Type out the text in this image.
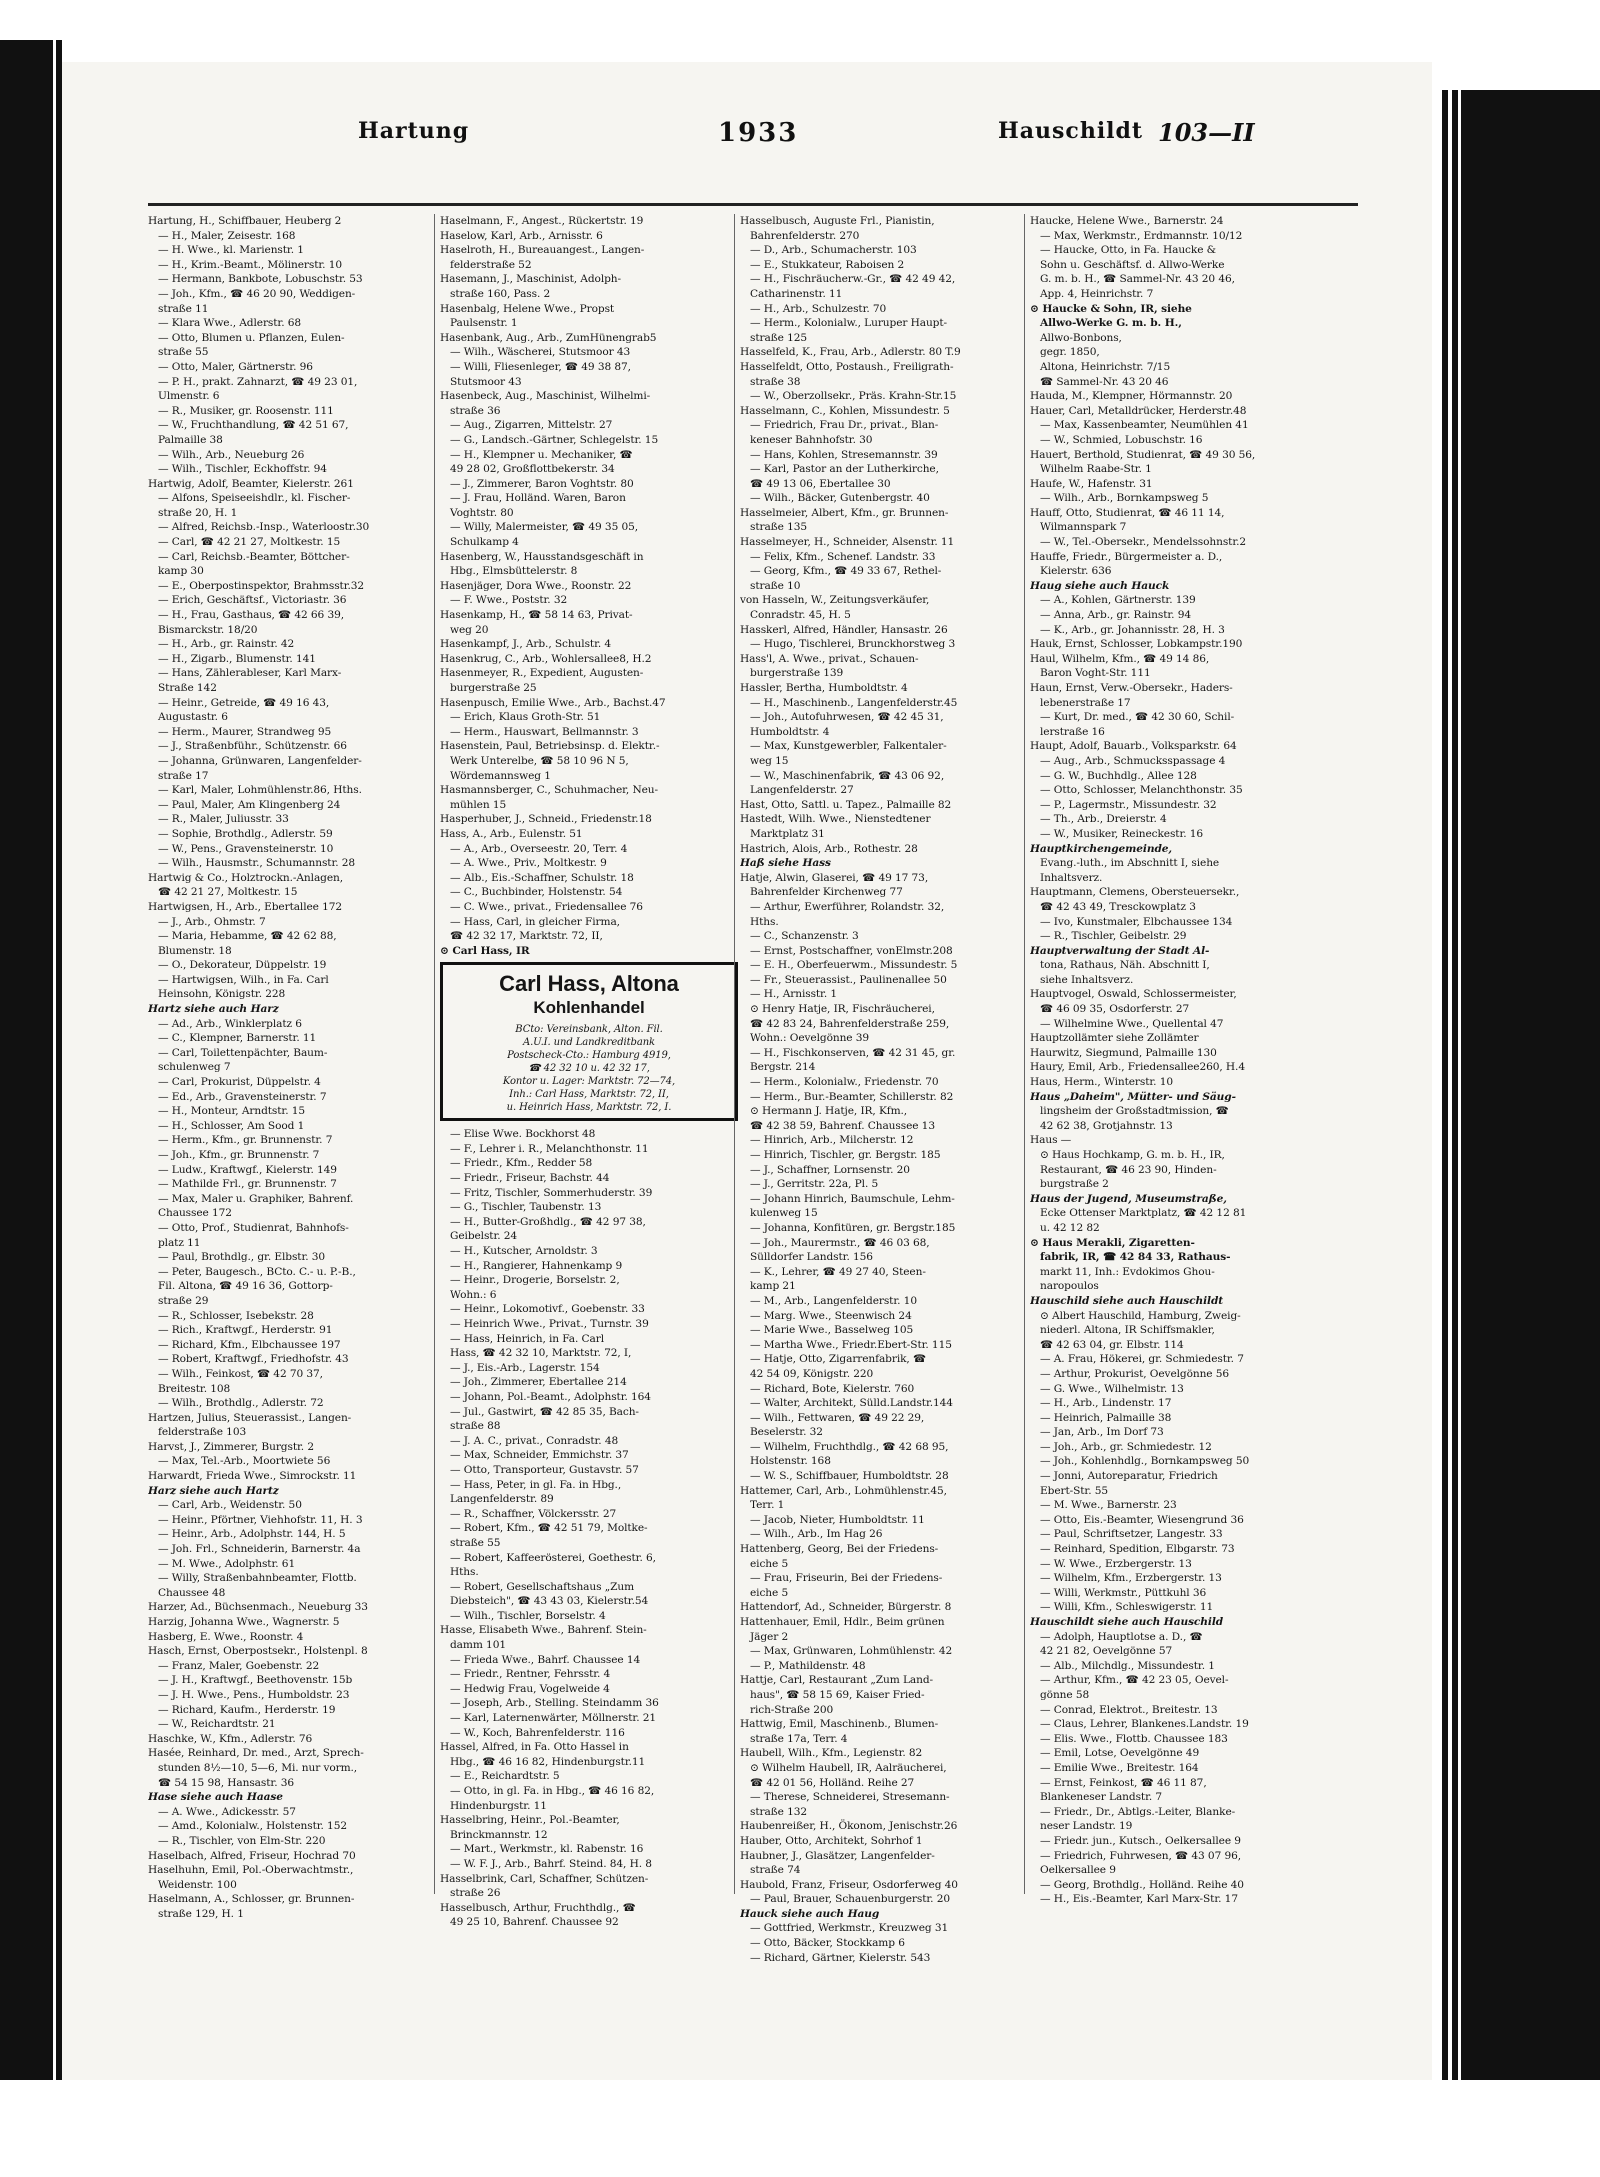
Hartung	1933	Hauschildt 103—II
Hartung, H., Schiffbauer, Heuberg 2
— H., Maler, Zeisestr. 168
— H. Wwe., kl. Marienstr. 1
— H., Krim.-Beamt., Mölinerstr. 10
— Hermann, Bankbote, Lobuschstr. 53
— Joh., Kfm., ☎ 46 20 90, Weddigen-
straße 11
— Klara Wwe., Adlerstr. 68
— Otto, Blumen u. Pflanzen, Eulen-
straße 55
— Otto, Maler, Gärtnerstr. 96
— P. H., prakt. Zahnarzt, ☎ 49 23 01,
Ulmenstr. 6
— R., Musiker, gr. Roosenstr. 111
— W., Fruchthandlung, ☎ 42 51 67,
Palmaille 38
— Wilh., Arb., Neueburg 26
— Wilh., Tischler, Eckhoffstr. 94
Hartwig, Adolf, Beamter, Kielerstr. 261
— Alfons, Speiseeishdlr., kl. Fischer-
straße 20, H. 1
— Alfred, Reichsb.-Insp., Waterloostr.30
— Carl, ☎ 42 21 27, Moltkestr. 15
— Carl, Reichsb.-Beamter, Böttcher-
kamp 30
— E., Oberpostinspektor, Brahmsstr.32
— Erich, Geschäftsf., Victoriastr. 36
— H., Frau, Gasthaus, ☎ 42 66 39,
Bismarckstr. 18/20
— H., Arb., gr. Rainstr. 42
— H., Zigarb., Blumenstr. 141
— Hans, Zählerableser, Karl Marx-
Straße 142
— Heinr., Getreide, ☎ 49 16 43,
Augustastr. 6
— Herm., Maurer, Strandweg 95
— J., Straßenbführ., Schützenstr. 66
— Johanna, Grünwaren, Langenfelder-
straße 17
— Karl, Maler, Lohmühlenstr.86, Hths.
— Paul, Maler, Am Klingenberg 24
— R., Maler, Juliusstr. 33
— Sophie, Brothdlg., Adlerstr. 59
— W., Pens., Gravensteinerstr. 10
— Wilh., Hausmstr., Schumannstr. 28
Hartwig & Co., Holztrockn.-Anlagen,
☎ 42 21 27, Moltkestr. 15
Hartwigsen, H., Arb., Ebertallee 172
— J., Arb., Ohmstr. 7
— Maria, Hebamme, ☎ 42 62 88,
Blumenstr. 18
— O., Dekorateur, Düppelstr. 19
— Hartwigsen, Wilh., in Fa. Carl
Heinsohn, Königstr. 228
Hartz siehe auch Harz
— Ad., Arb., Winklerplatz 6
— C., Klempner, Barnerstr. 11
— Carl, Toilettenpächter, Baum-
schulenweg 7
— Carl, Prokurist, Düppelstr. 4
— Ed., Arb., Gravensteinerstr. 7
— H., Monteur, Arndtstr. 15
— H., Schlosser, Am Sood 1
— Herm., Kfm., gr. Brunnenstr. 7
— Joh., Kfm., gr. Brunnenstr. 7
— Ludw., Kraftwgf., Kielerstr. 149
— Mathilde Frl., gr. Brunnenstr. 7
— Max, Maler u. Graphiker, Bahrenf.
Chaussee 172
— Otto, Prof., Studienrat, Bahnhofs-
platz 11
— Paul, Brothdlg., gr. Elbstr. 30
— Peter, Baugesch., BCto. C.- u. P.-B.,
Fil. Altona, ☎ 49 16 36, Gottorp-
straße 29
— R., Schlosser, Isebekstr. 28
— Rich., Kraftwgf., Herderstr. 91
— Richard, Kfm., Elbchaussee 197
— Robert, Kraftwgf., Friedhofstr. 43
— Wilh., Feinkost, ☎ 42 70 37,
Breitestr. 108
— Wilh., Brothdlg., Adlerstr. 72
Hartzen, Julius, Steuerassist., Langen-
felderstraße 103
Harvst, J., Zimmerer, Burgstr. 2
— Max, Tel.-Arb., Moortwiete 56
Harwardt, Frieda Wwe., Simrockstr. 11
Harz siehe auch Hartz
— Carl, Arb., Weidenstr. 50
— Heinr., Pförtner, Viehhofstr. 11, H. 3
— Heinr., Arb., Adolphstr. 144, H. 5
— Joh. Frl., Schneiderin, Barnerstr. 4a
— M. Wwe., Adolphstr. 61
— Willy, Straßenbahnbeamter, Flottb.
Chaussee 48
Harzer, Ad., Büchsenmach., Neueburg 33
Harzig, Johanna Wwe., Wagnerstr. 5
Hasberg, E. Wwe., Roonstr. 4
Hasch, Ernst, Oberpostsekr., Holstenpl. 8
— Franz, Maler, Goebenstr. 22
— J. H., Kraftwgf., Beethovenstr. 15b
— J. H. Wwe., Pens., Humboldstr. 23
— Richard, Kaufm., Herderstr. 19
— W., Reichardtstr. 21
Haschke, W., Kfm., Adlerstr. 76
Hasée, Reinhard, Dr. med., Arzt, Sprech-
stunden 8½—10, 5—6, Mi. nur vorm.,
☎ 54 15 98, Hansastr. 36
Hase siehe auch Haase
— A. Wwe., Adickesstr. 57
— Amd., Kolonialw., Holstenstr. 152
— R., Tischler, von Elm-Str. 220
Haselbach, Alfred, Friseur, Hochrad 70
Haselhuhn, Emil, Pol.-Oberwachtmstr.,
Weidenstr. 100
Haselmann, A., Schlosser, gr. Brunnen-
straße 129, H. 1
Haselmann, F., Angest., Rückertstr. 19
Haselow, Karl, Arb., Arnisstr. 6
Haselroth, H., Bureauangest., Langen-
felderstraße 52
Hasemann, J., Maschinist, Adolph-
straße 160, Pass. 2
Hasenbalg, Helene Wwe., Propst
Paulsenstr. 1
Hasenbank, Aug., Arb., ZumHünengrab5
— Wilh., Wäscherei, Stutsmoor 43
— Willi, Fliesenleger, ☎ 49 38 87,
Stutsmoor 43
Hasenbeck, Aug., Maschinist, Wilhelmi-
straße 36
— Aug., Zigarren, Mittelstr. 27
— G., Landsch.-Gärtner, Schlegelstr. 15
— H., Klempner u. Mechaniker, ☎
49 28 02, Großflottbekerstr. 34
— J., Zimmerer, Baron Voghtstr. 80
— J. Frau, Holländ. Waren, Baron
Voghtstr. 80
— Willy, Malermeister, ☎ 49 35 05,
Schulkamp 4
Hasenberg, W., Hausstandsgeschäft in
Hbg., Elmsbüttelerstr. 8
Hasenjäger, Dora Wwe., Roonstr. 22
— F. Wwe., Poststr. 32
Hasenkamp, H., ☎ 58 14 63, Privat-
weg 20
Hasenkampf, J., Arb., Schulstr. 4
Hasenkrug, C., Arb., Wohlersallee8, H.2
Hasenmeyer, R., Expedient, Augusten-
burgerstraße 25
Hasenpusch, Emilie Wwe., Arb., Bachst.47
— Erich, Klaus Groth-Str. 51
— Herm., Hauswart, Bellmannstr. 3
Hasenstein, Paul, Betriebsinsp. d. Elektr.-
Werk Unterelbe, ☎ 58 10 96 N 5,
Wördemannsweg 1
Hasmannsberger, C., Schuhmacher, Neu-
mühlen 15
Hasperhuber, J., Schneid., Friedenstr.18
Hass, A., Arb., Eulenstr. 51
— A., Arb., Overseestr. 20, Terr. 4
— A. Wwe., Priv., Moltkestr. 9
— Alb., Eis.-Schaffner, Schulstr. 18
— C., Buchbinder, Holstenstr. 54
— C. Wwe., privat., Friedensallee 76
— Hass, Carl, in gleicher Firma,
☎ 42 32 17, Marktstr. 72, II,
⊙ Carl Hass, IR
Carl Hass, Altona
Kohlenhandel
BCto: Vereinsbank, Alton. Fil.
A.U.I. und Landkreditbank
Postscheck-Cto.: Hamburg 4919,
☎ 42 32 10 u. 42 32 17,
Kontor u. Lager: Marktstr. 72—74,
Inh.: Carl Hass, Marktstr. 72, II,
u. Heinrich Hass, Marktstr. 72, I.
— Elise Wwe. Bockhorst 48
— F., Lehrer i. R., Melanchthonstr. 11
— Friedr., Kfm., Redder 58
— Friedr., Friseur, Bachstr. 44
— Fritz, Tischler, Sommerhuderstr. 39
— G., Tischler, Taubenstr. 13
— H., Butter-Großhdlg., ☎ 42 97 38,
Geibelstr. 24
— H., Kutscher, Arnoldstr. 3
— H., Rangierer, Hahnenkamp 9
— Heinr., Drogerie, Borselstr. 2,
Wohn.: 6
— Heinr., Lokomotivf., Goebenstr. 33
— Heinrich Wwe., Privat., Turnstr. 39
— Hass, Heinrich, in Fa. Carl
Hass, ☎ 42 32 10, Marktstr. 72, I,
— J., Eis.-Arb., Lagerstr. 154
— Joh., Zimmerer, Ebertallee 214
— Johann, Pol.-Beamt., Adolphstr. 164
— Jul., Gastwirt, ☎ 42 85 35, Bach-
straße 88
— J. A. C., privat., Conradstr. 48
— Max, Schneider, Emmichstr. 37
— Otto, Transporteur, Gustavstr. 57
— Hass, Peter, in gl. Fa. in Hbg.,
Langenfelderstr. 89
— R., Schaffner, Völckersstr. 27
— Robert, Kfm., ☎ 42 51 79, Moltke-
straße 55
— Robert, Kaffeerösterei, Goethestr. 6,
Hths.
— Robert, Gesellschaftshaus „Zum
Diebsteich", ☎ 43 43 03, Kielerstr.54
— Wilh., Tischler, Borselstr. 4
Hasse, Elisabeth Wwe., Bahrenf. Stein-
damm 101
— Frieda Wwe., Bahrf. Chaussee 14
— Friedr., Rentner, Fehrsstr. 4
— Hedwig Frau, Vogelweide 4
— Joseph, Arb., Stelling. Steindamm 36
— Karl, Laternenwärter, Möllnerstr. 21
— W., Koch, Bahrenfelderstr. 116
Hassel, Alfred, in Fa. Otto Hassel in
Hbg., ☎ 46 16 82, Hindenburgstr.11
— E., Reichardtstr. 5
— Otto, in gl. Fa. in Hbg., ☎ 46 16 82,
Hindenburgstr. 11
Hasselbring, Heinr., Pol.-Beamter,
Brinckmannstr. 12
— Mart., Werkmstr., kl. Rabenstr. 16
— W. F. J., Arb., Bahrf. Steind. 84, H. 8
Hasselbrink, Carl, Schaffner, Schützen-
straße 26
Hasselbusch, Arthur, Fruchthdlg., ☎
49 25 10, Bahrenf. Chaussee 92
Hasselbusch, Auguste Frl., Pianistin,
Bahrenfelderstr. 270
— D., Arb., Schumacherstr. 103
— E., Stukkateur, Raboisen 2
— H., Fischräucherw.-Gr., ☎ 42 49 42,
Catharinenstr. 11
— H., Arb., Schulzestr. 70
— Herm., Kolonialw., Luruper Haupt-
straße 125
Hasselfeld, K., Frau, Arb., Adlerstr. 80 T.9
Hasselfeldt, Otto, Postaush., Freiligrath-
straße 38
— W., Oberzollsekr., Präs. Krahn-Str.15
Hasselmann, C., Kohlen, Missundestr. 5
— Friedrich, Frau Dr., privat., Blan-
keneser Bahnhofstr. 30
— Hans, Kohlen, Stresemannstr. 39
— Karl, Pastor an der Lutherkirche,
☎ 49 13 06, Ebertallee 30
— Wilh., Bäcker, Gutenbergstr. 40
Hasselmeier, Albert, Kfm., gr. Brunnen-
straße 135
Hasselmeyer, H., Schneider, Alsenstr. 11
— Felix, Kfm., Schenef. Landstr. 33
— Georg, Kfm., ☎ 49 33 67, Rethel-
straße 10
von Hasseln, W., Zeitungsverkäufer,
Conradstr. 45, H. 5
Hasskerl, Alfred, Händler, Hansastr. 26
— Hugo, Tischlerei, Brunckhorstweg 3
Hass'l, A. Wwe., privat., Schauen-
burgerstraße 139
Hassler, Bertha, Humboldtstr. 4
— H., Maschinenb., Langenfelderstr.45
— Joh., Autofuhrwesen, ☎ 42 45 31,
Humboldtstr. 4
— Max, Kunstgewerbler, Falkentaler-
weg 15
— W., Maschinenfabrik, ☎ 43 06 92,
Langenfelderstr. 27
Hast, Otto, Sattl. u. Tapez., Palmaille 82
Hastedt, Wilh. Wwe., Nienstedtener
Marktplatz 31
Hastrich, Alois, Arb., Rothestr. 28
Haß siehe Hass
Hatje, Alwin, Glaserei, ☎ 49 17 73,
Bahrenfelder Kirchenweg 77
— Arthur, Ewerführer, Rolandstr. 32,
Hths.
— C., Schanzenstr. 3
— Ernst, Postschaffner, vonElmstr.208
— E. H., Oberfeuerwm., Missundestr. 5
— Fr., Steuerassist., Paulinenallee 50
— H., Arnisstr. 1
⊙ Henry Hatje, IR, Fischräucherei,
☎ 42 83 24, Bahrenfelderstraße 259,
Wohn.: Oevelgönne 39
— H., Fischkonserven, ☎ 42 31 45, gr.
Bergstr. 214
— Herm., Kolonialw., Friedenstr. 70
— Herm., Bur.-Beamter, Schillerstr. 82
⊙ Hermann J. Hatje, IR, Kfm.,
☎ 42 38 59, Bahrenf. Chaussee 13
— Hinrich, Arb., Milcherstr. 12
— Hinrich, Tischler, gr. Bergstr. 185
— J., Schaffner, Lornsenstr. 20
— J., Gerritstr. 22a, Pl. 5
— Johann Hinrich, Baumschule, Lehm-
kulenweg 15
— Johanna, Konfitüren, gr. Bergstr.185
— Joh., Maurermstr., ☎ 46 03 68,
Sülldorfer Landstr. 156
— K., Lehrer, ☎ 49 27 40, Steen-
kamp 21
— M., Arb., Langenfelderstr. 10
— Marg. Wwe., Steenwisch 24
— Marie Wwe., Basselweg 105
— Martha Wwe., Friedr.Ebert-Str. 115
— Hatje, Otto, Zigarrenfabrik, ☎
42 54 09, Königstr. 220
— Richard, Bote, Kielerstr. 760
— Walter, Architekt, Sülld.Landstr.144
— Wilh., Fettwaren, ☎ 49 22 29,
Beselerstr. 32
— Wilhelm, Fruchthdlg., ☎ 42 68 95,
Holstenstr. 168
— W. S., Schiffbauer, Humboldtstr. 28
Hattemer, Carl, Arb., Lohmühlenstr.45,
Terr. 1
— Jacob, Nieter, Humboldtstr. 11
— Wilh., Arb., Im Hag 26
Hattenberg, Georg, Bei der Friedens-
eiche 5
— Frau, Friseurin, Bei der Friedens-
eiche 5
Hattendorf, Ad., Schneider, Bürgerstr. 8
Hattenhauer, Emil, Hdlr., Beim grünen
Jäger 2
— Max, Grünwaren, Lohmühlenstr. 42
— P., Mathildenstr. 48
Hattje, Carl, Restaurant „Zum Land-
haus", ☎ 58 15 69, Kaiser Fried-
rich-Straße 200
Hattwig, Emil, Maschinenb., Blumen-
straße 17a, Terr. 4
Haubell, Wilh., Kfm., Legienstr. 82
⊙ Wilhelm Haubell, IR, Aalräucherei,
☎ 42 01 56, Holländ. Reihe 27
— Therese, Schneiderei, Stresemann-
straße 132
Haubenreißer, H., Ökonom, Jenischstr.26
Hauber, Otto, Architekt, Sohrhof 1
Haubner, J., Glasätzer, Langenfelder-
straße 74
Haubold, Franz, Friseur, Osdorferweg 40
— Paul, Brauer, Schauenburgerstr. 20
Hauck siehe auch Haug
— Gottfried, Werkmstr., Kreuzweg 31
— Otto, Bäcker, Stockkamp 6
— Richard, Gärtner, Kielerstr. 543
Haucke, Helene Wwe., Barnerstr. 24
— Max, Werkmstr., Erdmannstr. 10/12
— Haucke, Otto, in Fa. Haucke &
Sohn u. Geschäftsf. d. Allwo-Werke
G. m. b. H., ☎ Sammel-Nr. 43 20 46,
App. 4, Heinrichstr. 7
⊙ Haucke & Sohn, IR, siehe
Allwo-Werke G. m. b. H.,
Allwo-Bonbons,
gegr. 1850,
Altona, Heinrichstr. 7/15
☎ Sammel-Nr. 43 20 46
Hauda, M., Klempner, Hörmannstr. 20
Hauer, Carl, Metalldrücker, Herderstr.48
— Max, Kassenbeamter, Neumühlen 41
— W., Schmied, Lobuschstr. 16
Hauert, Berthold, Studienrat, ☎ 49 30 56,
Wilhelm Raabe-Str. 1
Haufe, W., Hafenstr. 31
— Wilh., Arb., Bornkampsweg 5
Hauff, Otto, Studienrat, ☎ 46 11 14,
Wilmannspark 7
— W., Tel.-Obersekr., Mendelssohnstr.2
Hauffe, Friedr., Bürgermeister a. D.,
Kielerstr. 636
Haug siehe auch Hauck
— A., Kohlen, Gärtnerstr. 139
— Anna, Arb., gr. Rainstr. 94
— K., Arb., gr. Johannisstr. 28, H. 3
Hauk, Ernst, Schlosser, Lobkampstr.190
Haul, Wilhelm, Kfm., ☎ 49 14 86,
Baron Voght-Str. 111
Haun, Ernst, Verw.-Obersekr., Haders-
lebenerstraße 17
— Kurt, Dr. med., ☎ 42 30 60, Schil-
lerstraße 16
Haupt, Adolf, Bauarb., Volksparkstr. 64
— Aug., Arb., Schmucksspassage 4
— G. W., Buchhdlg., Allee 128
— Otto, Schlosser, Melanchthonstr. 35
— P., Lagermstr., Missundestr. 32
— Th., Arb., Dreierstr. 4
— W., Musiker, Reineckestr. 16
Hauptkirchengemeinde,
Evang.-luth., im Abschnitt I, siehe
Inhaltsverz.
Hauptmann, Clemens, Obersteuersekr.,
☎ 42 43 49, Tresckowplatz 3
— Ivo, Kunstmaler, Elbchaussee 134
— R., Tischler, Geibelstr. 29
Hauptverwaltung der Stadt Al-
tona, Rathaus, Näh. Abschnitt I,
siehe Inhaltsverz.
Hauptvogel, Oswald, Schlossermeister,
☎ 46 09 35, Osdorferstr. 27
— Wilhelmine Wwe., Quellental 47
Hauptzollämter siehe Zollämter
Haurwitz, Siegmund, Palmaille 130
Haury, Emil, Arb., Friedensallee260, H.4
Haus, Herm., Winterstr. 10
Haus „Daheim", Mütter- und Säug-
lingsheim der Großstadtmission, ☎
42 62 38, Grotjahnstr. 13
Haus —
⊙ Haus Hochkamp, G. m. b. H., IR,
Restaurant, ☎ 46 23 90, Hinden-
burgstraße 2
Haus der Jugend, Museumstraße,
Ecke Ottenser Marktplatz, ☎ 42 12 81
u. 42 12 82
⊙ Haus Merakli, Zigaretten-
fabrik, IR, ☎ 42 84 33, Rathaus-
markt 11, Inh.: Evdokimos Ghou-
naropoulos
Hauschild siehe auch Hauschildt
⊙ Albert Hauschild, Hamburg, Zweig-
niederl. Altona, IR Schiffsmakler,
☎ 42 63 04, gr. Elbstr. 114
— A. Frau, Hökerei, gr. Schmiedestr. 7
— Arthur, Prokurist, Oevelgönne 56
— G. Wwe., Wilhelmistr. 13
— H., Arb., Lindenstr. 17
— Heinrich, Palmaille 38
— Jan, Arb., Im Dorf 73
— Joh., Arb., gr. Schmiedestr. 12
— Joh., Kohlenhdlg., Bornkampsweg 50
— Jonni, Autoreparatur, Friedrich
Ebert-Str. 55
— M. Wwe., Barnerstr. 23
— Otto, Eis.-Beamter, Wiesengrund 36
— Paul, Schriftsetzer, Langestr. 33
— Reinhard, Spedition, Elbgarstr. 73
— W. Wwe., Erzbergerstr. 13
— Wilhelm, Kfm., Erzbergerstr. 13
— Willi, Werkmstr., Püttkuhl 36
— Willi, Kfm., Schleswigerstr. 11
Hauschildt siehe auch Hauschild
— Adolph, Hauptlotse a. D., ☎
42 21 82, Oevelgönne 57
— Alb., Milchdlg., Missundestr. 1
— Arthur, Kfm., ☎ 42 23 05, Oevel-
gönne 58
— Conrad, Elektrot., Breitestr. 13
— Claus, Lehrer, Blankenes.Landstr. 19
— Elis. Wwe., Flottb. Chaussee 183
— Emil, Lotse, Oevelgönne 49
— Emilie Wwe., Breitestr. 164
— Ernst, Feinkost, ☎ 46 11 87,
Blankeneser Landstr. 7
— Friedr., Dr., Abtlgs.-Leiter, Blanke-
neser Landstr. 19
— Friedr. jun., Kutsch., Oelkersallee 9
— Friedrich, Fuhrwesen, ☎ 43 07 96,
Oelkersallee 9
— Georg, Brothdlg., Holländ. Reihe 40
— H., Eis.-Beamter, Karl Marx-Str. 17
